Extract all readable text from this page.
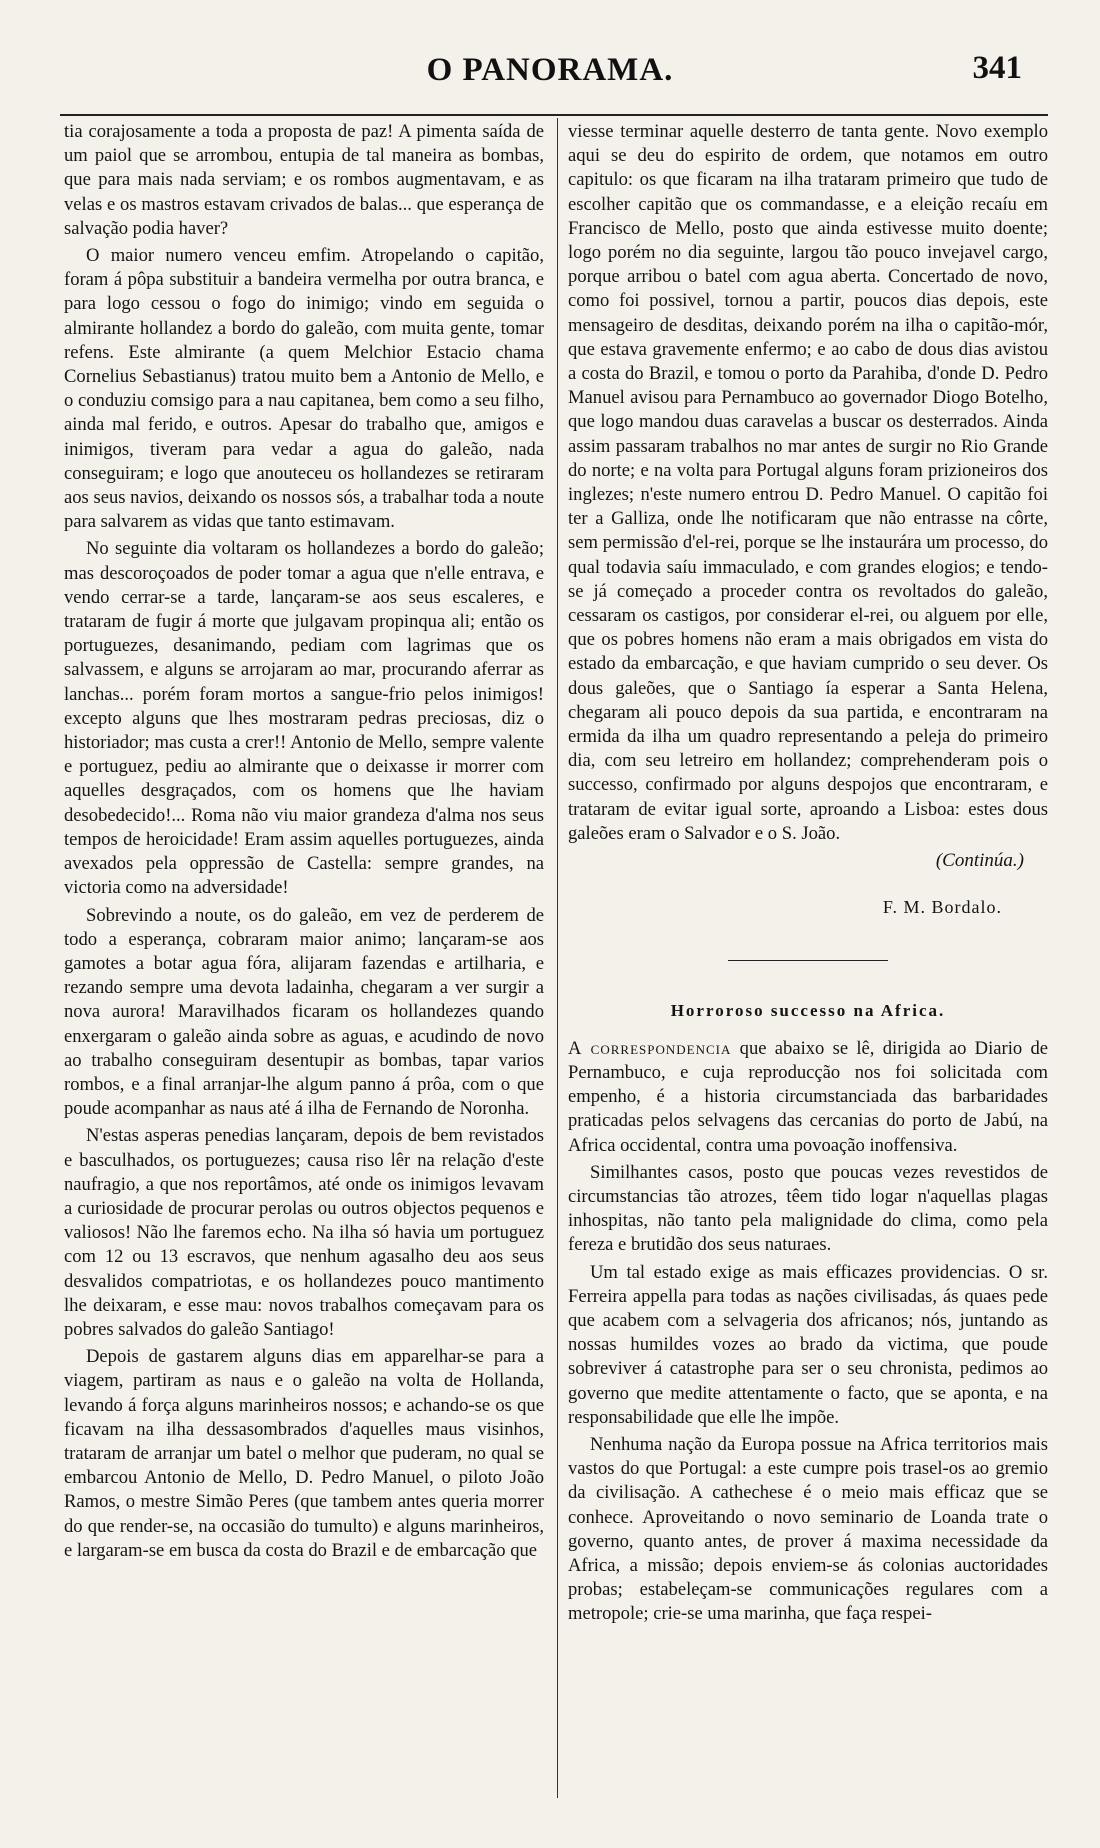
O PANORAMA.	341

tia corajosamente a toda a proposta de paz! A pimenta saída de um paiol que se arrombou, entupia de tal maneira as bombas, que para mais nada serviam; e os rombos augmentavam, e as velas e os mastros estavam crivados de balas... que esperança de salvação podia haver?

O maior numero venceu emfim. Atropelando o capitão, foram á pôpa substituir a bandeira vermelha por outra branca, e para logo cessou o fogo do inimigo; vindo em seguida o almirante hollandez a bordo do galeão, com muita gente, tomar refens. Este almirante (a quem Melchior Estacio chama Cornelius Sebastianus) tratou muito bem a Antonio de Mello, e o conduziu comsigo para a nau capitanea, bem como a seu filho, ainda mal ferido, e outros. Apesar do trabalho que, amigos e inimigos, tiveram para vedar a agua do galeão, nada conseguiram; e logo que anouteceu os hollandezes se retiraram aos seus navios, deixando os nossos sós, a trabalhar toda a noute para salvarem as vidas que tanto estimavam.

No seguinte dia voltaram os hollandezes a bordo do galeão; mas descoroçoados de poder tomar a agua que n'elle entrava, e vendo cerrar-se a tarde, lançaram-se aos seus escaleres, e trataram de fugir á morte que julgavam propinqua ali; então os portuguezes, desanimando, pediam com lagrimas que os salvassem, e alguns se arrojaram ao mar, procurando aferrar as lanchas... porém foram mortos a sangue-frio pelos inimigos! excepto alguns que lhes mostraram pedras preciosas, diz o historiador; mas custa a crer!! Antonio de Mello, sempre valente e portuguez, pediu ao almirante que o deixasse ir morrer com aquelles desgraçados, com os homens que lhe haviam desobedecido!... Roma não viu maior grandeza d'alma nos seus tempos de heroicidade! Eram assim aquelles portuguezes, ainda avexados pela oppressão de Castella: sempre grandes, na victoria como na adversidade!

Sobrevindo a noute, os do galeão, em vez de perderem de todo a esperança, cobraram maior animo; lançaram-se aos gamotes a botar agua fóra, alijaram fazendas e artilharia, e rezando sempre uma devota ladainha, chegaram a ver surgir a nova aurora! Maravilhados ficaram os hollandezes quando enxergaram o galeão ainda sobre as aguas, e acudindo de novo ao trabalho conseguiram desentupir as bombas, tapar varios rombos, e a final arranjar-lhe algum panno á prôa, com o que poude acompanhar as naus até á ilha de Fernando de Noronha.

N'estas asperas penedias lançaram, depois de bem revistados e basculhados, os portuguezes; causa riso lêr na relação d'este naufragio, a que nos reportâmos, até onde os inimigos levavam a curiosidade de procurar perolas ou outros objectos pequenos e valiosos! Não lhe faremos echo. Na ilha só havia um portuguez com 12 ou 13 escravos, que nenhum agasalho deu aos seus desvalidos compatriotas, e os hollandezes pouco mantimento lhe deixaram, e esse mau: novos trabalhos começavam para os pobres salvados do galeão Santiago!

Depois de gastarem alguns dias em apparelhar-se para a viagem, partiram as naus e o galeão na volta de Hollanda, levando á força alguns marinheiros nossos; e achando-se os que ficavam na ilha dessasombrados d'aquelles maus visinhos, trataram de arranjar um batel o melhor que puderam, no qual se embarcou Antonio de Mello, D. Pedro Manuel, o piloto João Ramos, o mestre Simão Peres (que tambem antes queria morrer do que render-se, na occasião do tumulto) e alguns marinheiros, e largaram-se em busca da costa do Brazil e de embarcação que

viesse terminar aquelle desterro de tanta gente. Novo exemplo aqui se deu do espirito de ordem, que notamos em outro capitulo: os que ficaram na ilha trataram primeiro que tudo de escolher capitão que os commandasse, e a eleição recaíu em Francisco de Mello, posto que ainda estivesse muito doente; logo porém no dia seguinte, largou tão pouco invejavel cargo, porque arribou o batel com agua aberta. Concertado de novo, como foi possivel, tornou a partir, poucos dias depois, este mensageiro de desditas, deixando porém na ilha o capitão-mór, que estava gravemente enfermo; e ao cabo de dous dias avistou a costa do Brazil, e tomou o porto da Parahiba, d'onde D. Pedro Manuel avisou para Pernambuco ao governador Diogo Botelho, que logo mandou duas caravelas a buscar os desterrados. Ainda assim passaram trabalhos no mar antes de surgir no Rio Grande do norte; e na volta para Portugal alguns foram prizioneiros dos inglezes; n'este numero entrou D. Pedro Manuel. O capitão foi ter a Galliza, onde lhe notificaram que não entrasse na côrte, sem permissão d'el-rei, porque se lhe instaurára um processo, do qual todavia saíu immaculado, e com grandes elogios; e tendo-se já começado a proceder contra os revoltados do galeão, cessaram os castigos, por considerar el-rei, ou alguem por elle, que os pobres homens não eram a mais obrigados em vista do estado da embarcação, e que haviam cumprido o seu dever. Os dous galeões, que o Santiago ía esperar a Santa Helena, chegaram ali pouco depois da sua partida, e encontraram na ermida da ilha um quadro representando a peleja do primeiro dia, com seu letreiro em hollandez; comprehenderam pois o successo, confirmado por alguns despojos que encontraram, e trataram de evitar igual sorte, aproando a Lisboa: estes dous galeões eram o Salvador e o S. João.

(Continúa.)
F. M. Bordalo.
Horroroso successo na Africa.

A correspondencia que abaixo se lê, dirigida ao Diario de Pernambuco, e cuja reproducção nos foi solicitada com empenho, é a historia circumstanciada das barbaridades praticadas pelos selvagens das cercanias do porto de Jabú, na Africa occidental, contra uma povoação inoffensiva.

Similhantes casos, posto que poucas vezes revestidos de circumstancias tão atrozes, têem tido logar n'aquellas plagas inhospitas, não tanto pela malignidade do clima, como pela fereza e brutidão dos seus naturaes.

Um tal estado exige as mais efficazes providencias. O sr. Ferreira appella para todas as nações civilisadas, ás quaes pede que acabem com a selvageria dos africanos; nós, juntando as nossas humildes vozes ao brado da victima, que poude sobreviver á catastrophe para ser o seu chronista, pedimos ao governo que medite attentamente o facto, que se aponta, e na responsabilidade que elle lhe impõe.

Nenhuma nação da Europa possue na Africa territorios mais vastos do que Portugal: a este cumpre pois trasel-os ao gremio da civilisação. A cathechese é o meio mais efficaz que se conhece. Aproveitando o novo seminario de Loanda trate o governo, quanto antes, de prover á maxima necessidade da Africa, a missão; depois enviem-se ás colonias auctoridades probas; estabeleçam-se communicações regulares com a metropole; crie-se uma marinha, que faça respei-
